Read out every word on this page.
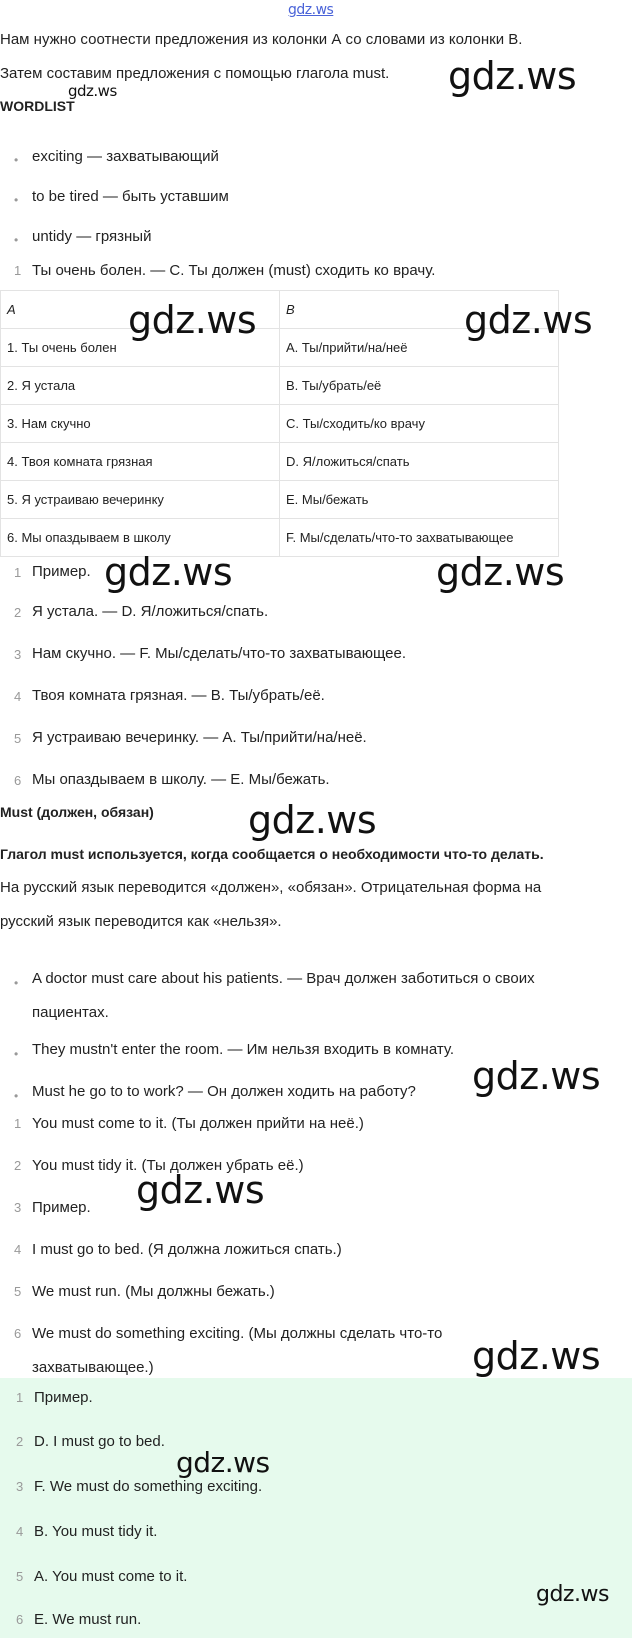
gdz.ws
Нам нужно соотнести предложения из колонки А со словами из колонки B.
Затем составим предложения с помощью глагола must.
WORDLIST
• exciting — захватывающий
• to be tired — быть уставшим
• untidy — грязный
1 Ты очень болен. — С. Ты должен (must) сходить ко врачу.
A	B
1. Ты очень болен	A. Ты/прийти/на/неё
2. Я устала	B. Ты/убрать/её
3. Нам скучно	C. Ты/сходить/ко врачу
4. Твоя комната грязная	D. Я/ложиться/спать
5. Я устраиваю вечеринку	E. Мы/бежать
6. Мы опаздываем в школу	F. Мы/сделать/что-то захватывающее
1 Пример.
2 Я устала. — D. Я/ложиться/спать.
3 Нам скучно. — F. Мы/сделать/что-то захватывающее.
4 Твоя комната грязная. — B. Ты/убрать/её.
5 Я устраиваю вечеринку. — A. Ты/прийти/на/неё.
6 Мы опаздываем в школу. — E. Мы/бежать.
Must (должен, обязан)
Глагол must используется, когда сообщается о необходимости что-то делать.
На русский язык переводится «должен», «обязан». Отрицательная форма на
русский язык переводится как «нельзя».
• A doctor must care about his patients. — Врач должен заботиться о своих
пациентах.
• They mustn't enter the room. — Им нельзя входить в комнату.
• Must he go to to work? — Он должен ходить на работу?
1 You must come to it. (Ты должен прийти на неё.)
2 You must tidy it. (Ты должен убрать её.)
3 Пример.
4 I must go to bed. (Я должна ложиться спать.)
5 We must run. (Мы должны бежать.)
6 We must do something exciting. (Мы должны сделать что-то
захватывающее.)
1 Пример.
2 D. I must go to bed.
3 F. We must do something exciting.
4 B. You must tidy it.
5 A. You must come to it.
6 E. We must run.
gdz.ws
gdz.ws
gdz.ws	gdz.ws
gdz.ws	gdz.ws
gdz.ws
gdz.ws
gdz.ws
gdz.ws
gdz.ws
gdz.ws
